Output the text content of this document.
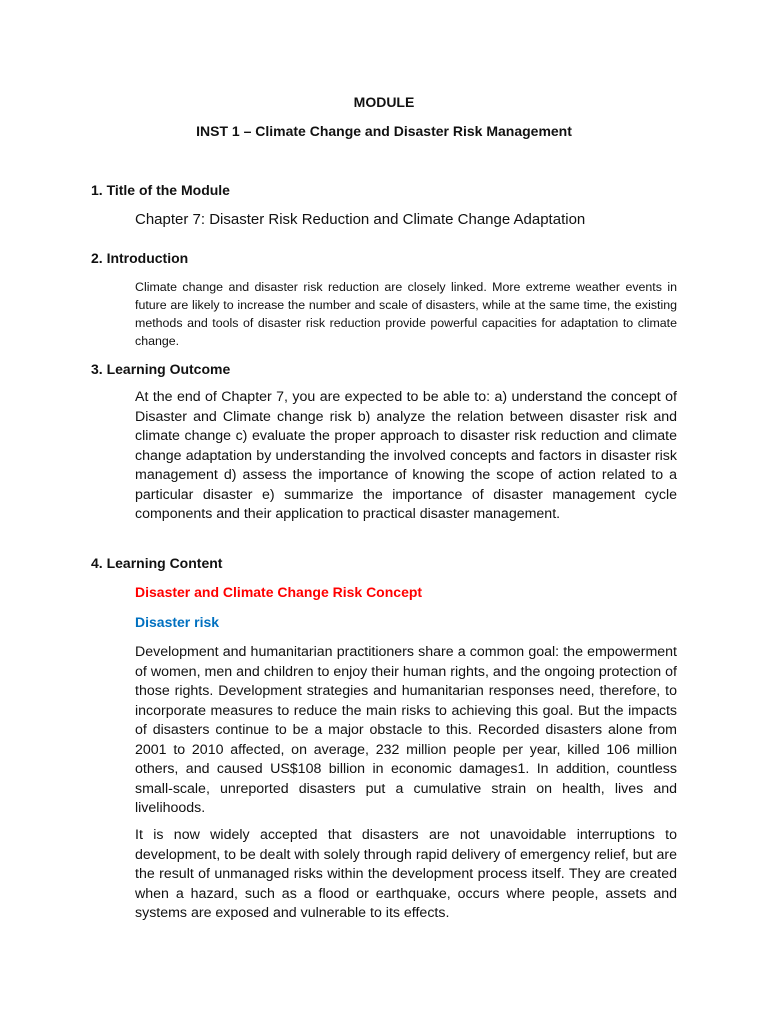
MODULE
INST 1 – Climate Change and Disaster Risk Management
1. Title of the Module
Chapter 7: Disaster Risk Reduction and Climate Change Adaptation
2. Introduction
Climate change and disaster risk reduction are closely linked. More extreme weather events in future are likely to increase the number and scale of disasters, while at the same time, the existing methods and tools of disaster risk reduction provide powerful capacities for adaptation to climate change.
3. Learning Outcome
At the end of Chapter 7, you are expected to be able to: a) understand the concept of Disaster and Climate change risk b) analyze the relation between disaster risk and climate change c) evaluate the proper approach to disaster risk reduction and climate change adaptation by understanding the involved concepts and factors in disaster risk management d) assess the importance of knowing the scope of action related to a particular disaster e) summarize the importance of disaster management cycle components and their application to practical disaster management.
4. Learning Content
Disaster and Climate Change Risk Concept
Disaster risk
Development and humanitarian practitioners share a common goal: the empowerment of women, men and children to enjoy their human rights, and the ongoing protection of those rights. Development strategies and humanitarian responses need, therefore, to incorporate measures to reduce the main risks to achieving this goal. But the impacts of disasters continue to be a major obstacle to this. Recorded disasters alone from 2001 to 2010 affected, on average, 232 million people per year, killed 106 million others, and caused US$108 billion in economic damages1. In addition, countless small-scale, unreported disasters put a cumulative strain on health, lives and livelihoods.
It is now widely accepted that disasters are not unavoidable interruptions to development, to be dealt with solely through rapid delivery of emergency relief, but are the result of unmanaged risks within the development process itself. They are created when a hazard, such as a flood or earthquake, occurs where people, assets and systems are exposed and vulnerable to its effects.
